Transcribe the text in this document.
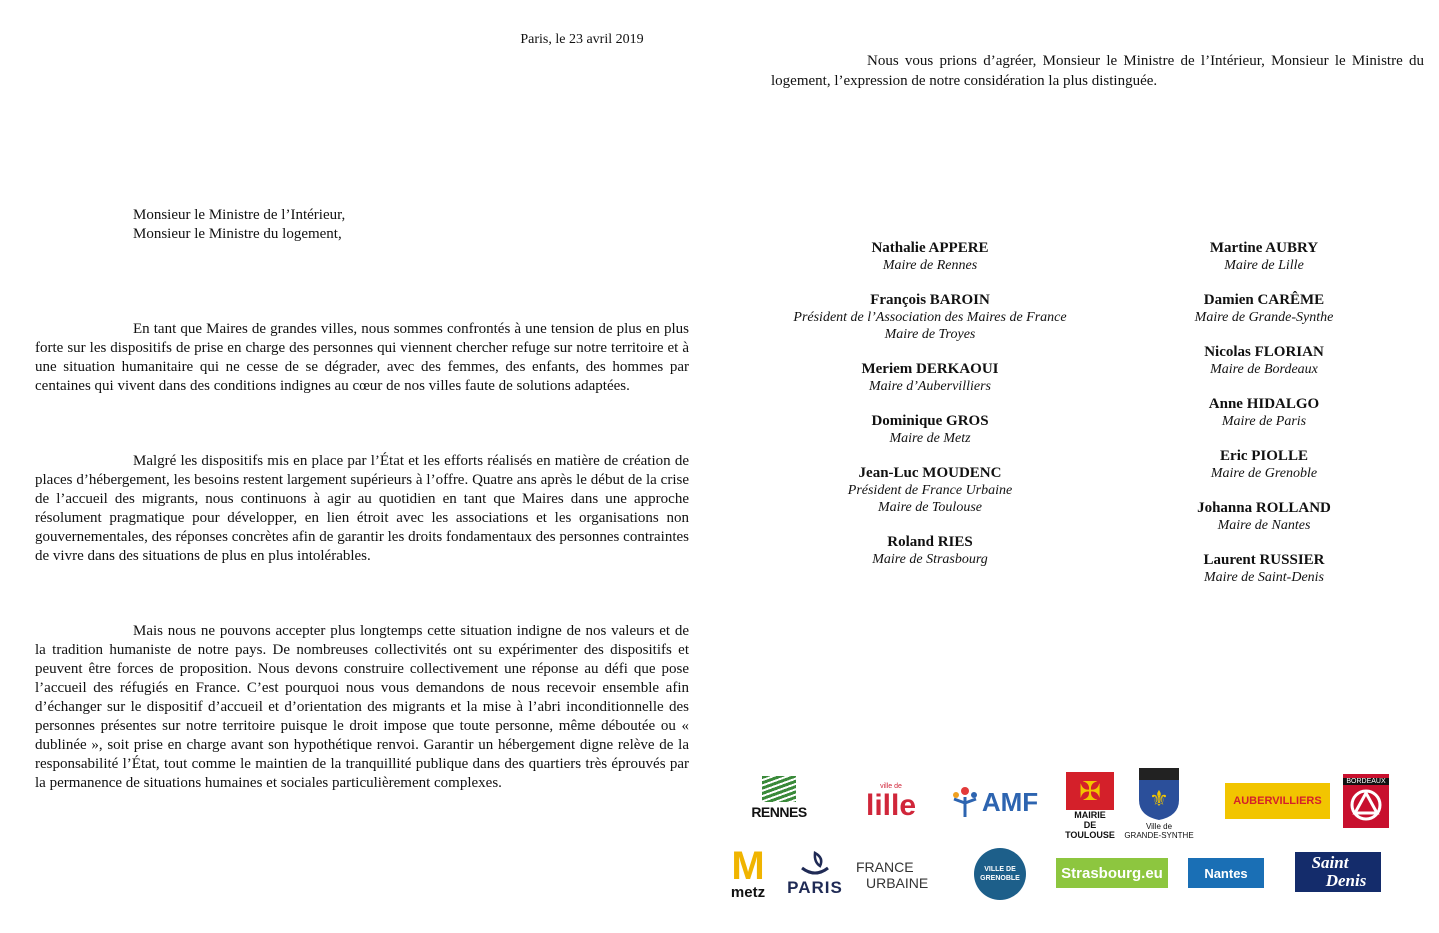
Paris, le 23 avril 2019
Nous vous prions d’agréer, Monsieur le Ministre de l’Intérieur, Monsieur le Ministre du logement, l’expression de notre considération la plus distinguée.
Monsieur le Ministre de l’Intérieur,
Monsieur le Ministre du logement,
En tant que Maires de grandes villes, nous sommes confrontés à une tension de plus en plus forte sur les dispositifs de prise en charge des personnes qui viennent chercher refuge sur notre territoire et à une situation humanitaire qui ne cesse de se dégrader, avec des femmes, des enfants, des hommes par centaines qui vivent dans des conditions indignes au cœur de nos villes faute de solutions adaptées.
Malgré les dispositifs mis en place par l’État et les efforts réalisés en matière de création de places d’hébergement, les besoins restent largement supérieurs à l’offre. Quatre ans après le début de la crise de l’accueil des migrants, nous continuons à agir au quotidien en tant que Maires dans une approche résolument pragmatique pour développer, en lien étroit avec les associations et les organisations non gouvernementales, des réponses concrètes afin de garantir les droits fondamentaux des personnes contraintes de vivre dans des situations de plus en plus intolérables.
Mais nous ne pouvons accepter plus longtemps cette situation indigne de nos valeurs et de la tradition humaniste de notre pays. De nombreuses collectivités ont su expérimenter des dispositifs et peuvent être forces de proposition. Nous devons construire collectivement une réponse au défi que pose l’accueil des réfugiés en France. C’est pourquoi nous vous demandons de nous recevoir ensemble afin d’échanger sur le dispositif d’accueil et d’orientation des migrants et la mise à l’abri inconditionnelle des personnes présentes sur notre territoire puisque le droit impose que toute personne, même déboutée ou « dublinée », soit prise en charge avant son hypothétique renvoi. Garantir un hébergement digne relève de la responsabilité l’État, tout comme le maintien de la tranquillité publique dans des quartiers très éprouvés par la permanence de situations humaines et sociales particulièrement complexes.
Nathalie APPERE
Maire de Rennes
François BAROIN
Président de l’Association des Maires de France
Maire de Troyes
Meriem DERKAOUI
Maire d’Aubervilliers
Dominique GROS
Maire de Metz
Jean-Luc MOUDENC
Président de France Urbaine
Maire de Toulouse
Roland RIES
Maire de Strasbourg
Martine AUBRY
Maire de Lille
Damien CARÊME
Maire de Grande-Synthe
Nicolas FLORIAN
Maire de Bordeaux
Anne HIDALGO
Maire de Paris
Eric PIOLLE
Maire de Grenoble
Johanna ROLLAND
Maire de Nantes
Laurent RUSSIER
Maire de Saint-Denis
RENNES
ville de
lille	AMF	✠
MAIRIE
DE
TOULOUSE
⚜
Ville de
GRANDE-SYNTHE
AUBERVILLIERS
BORDEAUX
M
metz PARIS
FRANCE
URBAINE
VILLE DE GRENOBLE	Strasbourg.eu	Nantes
Saint
Denis
